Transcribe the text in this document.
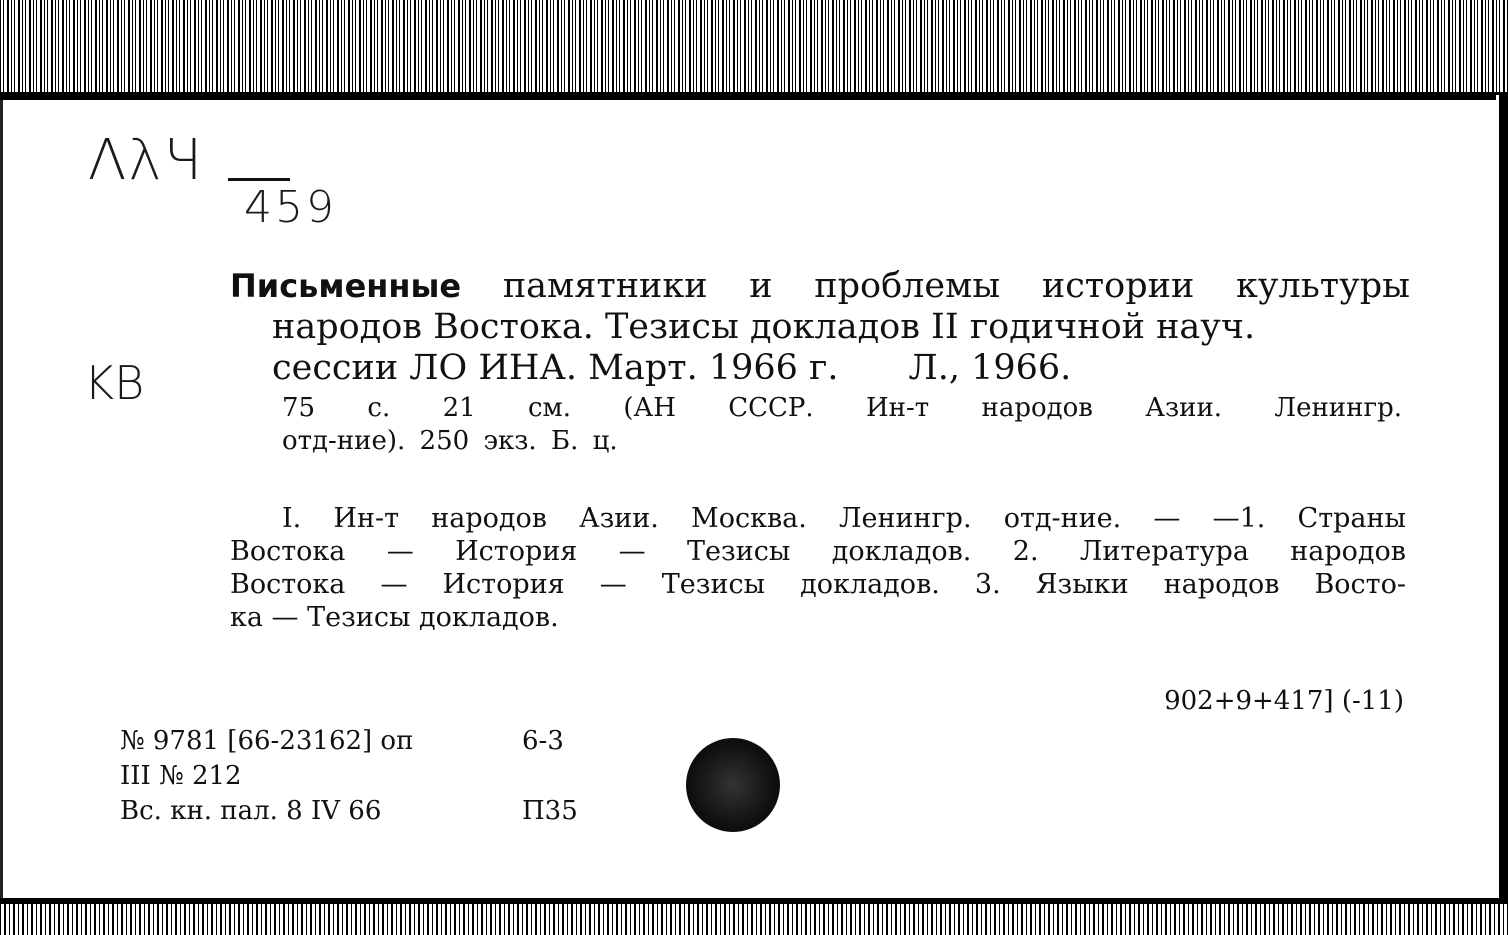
ΛλЧ
459
KB
Письменные памятники и проблемы истории культуры
народов Востока. Тезисы докладов II годичной науч.
сессии ЛО ИНА. Март. 1966 г. Л., 1966.
75 с. 21 см. (АН СССР. Ин-т народов Азии. Ленингр.
отд-ние). 250 экз. Б. ц.
I. Ин-т народов Азии. Москва. Ленингр. отд-ние. — —1. Страны
Востока — История — Тезисы докладов. 2. Литература народов
Востока — История — Тезисы докладов. 3. Языки народов Восто-
ка — Тезисы докладов.
902+9+417] (-11)
№ 9781 [66-23162] оп	6-3
III № 212
Вс. кн. пал. 8 IV 66	П35
